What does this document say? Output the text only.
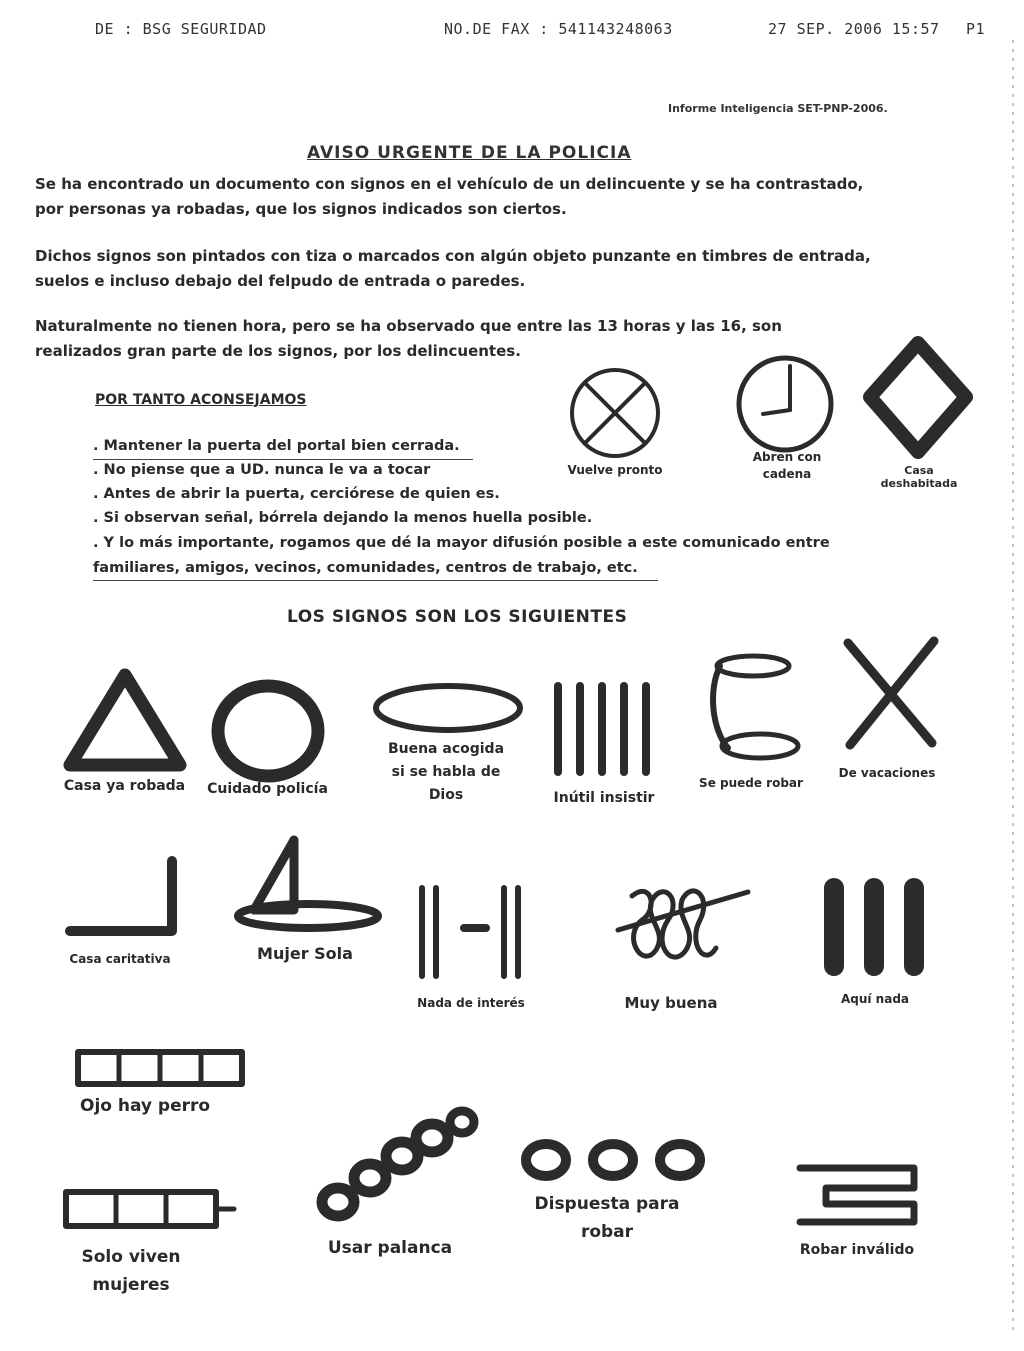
DE : BSG SEGURIDAD	NO.DE FAX : 541143248063	27 SEP. 2006 15:57 P1
Informe Inteligencia SET-PNP-2006.
AVISO URGENTE DE LA POLICIA
Se ha encontrado un documento con signos en el vehículo de un delincuente y se ha contrastado,
por personas ya robadas, que los signos indicados son ciertos.
Dichos signos son pintados con tiza o marcados con algún objeto punzante en timbres de entrada,
suelos e incluso debajo del felpudo de entrada o paredes.
Naturalmente no tienen hora, pero se ha observado que entre las 13 horas y las 16, son
realizados gran parte de los signos, por los delincuentes.
POR TANTO ACONSEJAMOS
. Mantener la puerta del portal bien cerrada.
. No piense que a UD. nunca le va a tocar
. Antes de abrir la puerta, cerciórese de quien es.
. Si observan señal, bórrela dejando la menos huella posible.
. Y lo más importante, rogamos que dé la mayor difusión posible a este comunicado entre
familiares, amigos, vecinos, comunidades, centros de trabajo, etc.
Vuelve pronto
Abren con
cadena	Casa deshabitada
LOS SIGNOS SON LOS SIGUIENTES
Casa ya robada	Cuidado policía
Buena acogida
si se habla de
Dios	Inútil insistir
Se puede robar
De vacaciones
Casa caritativa	Mujer Sola
Nada de interés	Muy buena	Aquí nada
Ojo hay perro
Usar palanca
Dispuesta para
robar
Robar inválido
Solo viven
mujeres
